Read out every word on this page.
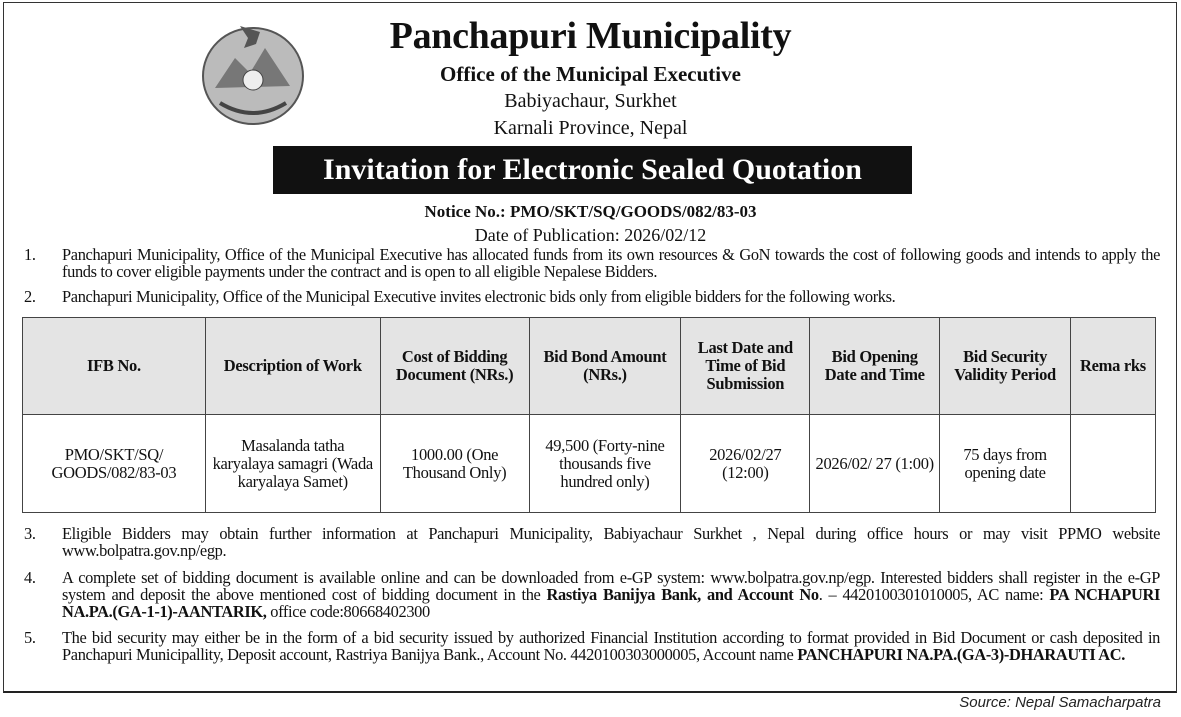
Panchapuri Municipality
Office of the Municipal Executive
Babiyachaur, Surkhet
Karnali Province, Nepal
Invitation for Electronic Sealed Quotation
Notice No.: PMO/SKT/SQ/GOODS/082/83-03
Date of Publication: 2026/02/12
1.	Panchapuri Municipality, Office of the Municipal Executive has allocated funds from its own resources & GoN towards the cost of following goods and intends to apply the funds to cover eligible payments under the contract and is open to all eligible Nepalese Bidders.
2.	Panchapuri Municipality, Office of the Municipal Executive invites electronic bids only from eligible bidders for the following works.
IFB No.	Description of Work	Cost of Bidding Document (NRs.)	Bid Bond Amount (NRs.)	Last Date and Time of Bid Submission	Bid Opening Date and Time	Bid Security Validity Period	Rema rks
PMO/SKT/SQ/ GOODS/082/83-03	Masalanda tatha karyalaya samagri (Wada karyalaya Samet)	1000.00 (One Thousand Only)	49,500 (Forty-nine thousands five hundred only)	2026/02/27 (12:00)	2026/02/ 27 (1:00)	75 days from opening date	
3.	Eligible Bidders may obtain further information at Panchapuri Municipality, Babiyachaur Surkhet , Nepal during office hours or may visit PPMO website www.bolpatra.gov.np/egp.
4.	A complete set of bidding document is available online and can be downloaded from e-GP system: www.bolpatra.gov.np/egp. Interested bidders shall register in the e-GP system and deposit the above mentioned cost of bidding document in the Rastiya Banijya Bank, and Account No. – 4420100301010005, AC name: PA NCHAPURI NA.PA.(GA-1-1)-AANTARIK, office code:80668402300
5.	The bid security may either be in the form of a bid security issued by authorized Financial Institution according to format provided in Bid Document or cash deposited in Panchapuri Municipallity, Deposit account, Rastriya Banijya Bank., Account No. 4420100303000005, Account name PANCHAPURI NA.PA.(GA-3)-DHARAUTI AC.
Source: Nepal Samacharpatra
